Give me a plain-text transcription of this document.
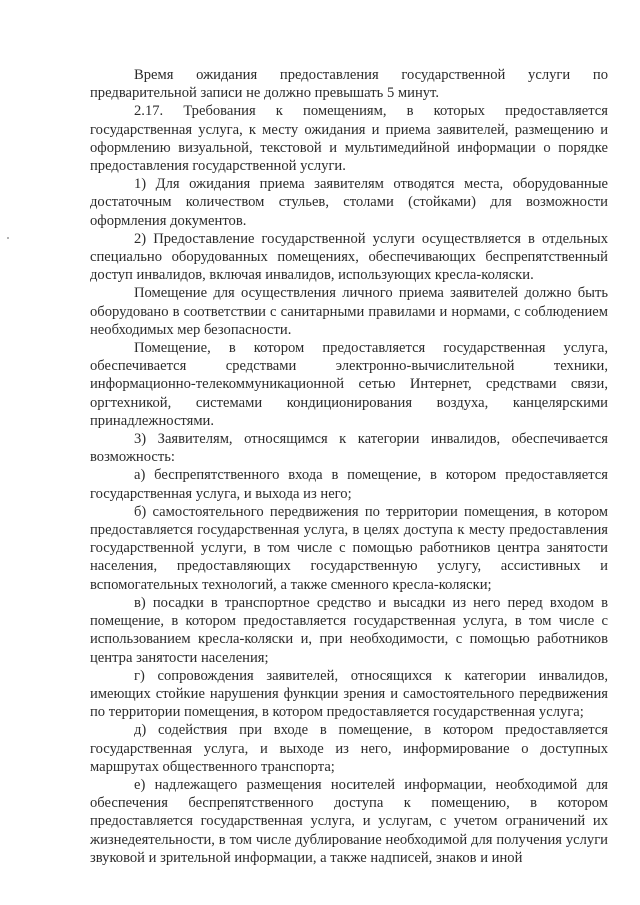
Время ожидания предоставления государственной услуги по предварительной записи не должно превышать 5 минут.

2.17. Требования к помещениям, в которых предоставляется государственная услуга, к месту ожидания и приема заявителей, размещению и оформлению визуальной, текстовой и мультимедийной информации о порядке предоставления государственной услуги.

1) Для ожидания приема заявителям отводятся места, оборудованные достаточным количеством стульев, столами (стойками) для возможности оформления документов.

2) Предоставление государственной услуги осуществляется в отдельных специально оборудованных помещениях, обеспечивающих беспрепятственный доступ инвалидов, включая инвалидов, использующих кресла-коляски.

Помещение для осуществления личного приема заявителей должно быть оборудовано в соответствии с санитарными правилами и нормами, с соблюдением необходимых мер безопасности.

Помещение, в котором предоставляется государственная услуга, обеспечивается средствами электронно-вычислительной техники, информационно-телекоммуникационной сетью Интернет, средствами связи, оргтехникой, системами кондиционирования воздуха, канцелярскими принадлежностями.

3) Заявителям, относящимся к категории инвалидов, обеспечивается возможность:

а) беспрепятственного входа в помещение, в котором предоставляется государственная услуга, и выхода из него;

б) самостоятельного передвижения по территории помещения, в котором предоставляется государственная услуга, в целях доступа к месту предоставления государственной услуги, в том числе с помощью работников центра занятости населения, предоставляющих государственную услугу, ассистивных и вспомогательных технологий, а также сменного кресла-коляски;

в) посадки в транспортное средство и высадки из него перед входом в помещение, в котором предоставляется государственная услуга, в том числе с использованием кресла-коляски и, при необходимости, с помощью работников центра занятости населения;

г) сопровождения заявителей, относящихся к категории инвалидов, имеющих стойкие нарушения функции зрения и самостоятельного передвижения по территории помещения, в котором предоставляется государственная услуга;

д) содействия при входе в помещение, в котором предоставляется государственная услуга, и выходе из него, информирование о доступных маршрутах общественного транспорта;

е) надлежащего размещения носителей информации, необходимой для обеспечения беспрепятственного доступа к помещению, в котором предоставляется государственная услуга, и услугам, с учетом ограничений их жизнедеятельности, в том числе дублирование необходимой для получения услуги звуковой и зрительной информации, а также надписей, знаков и иной
